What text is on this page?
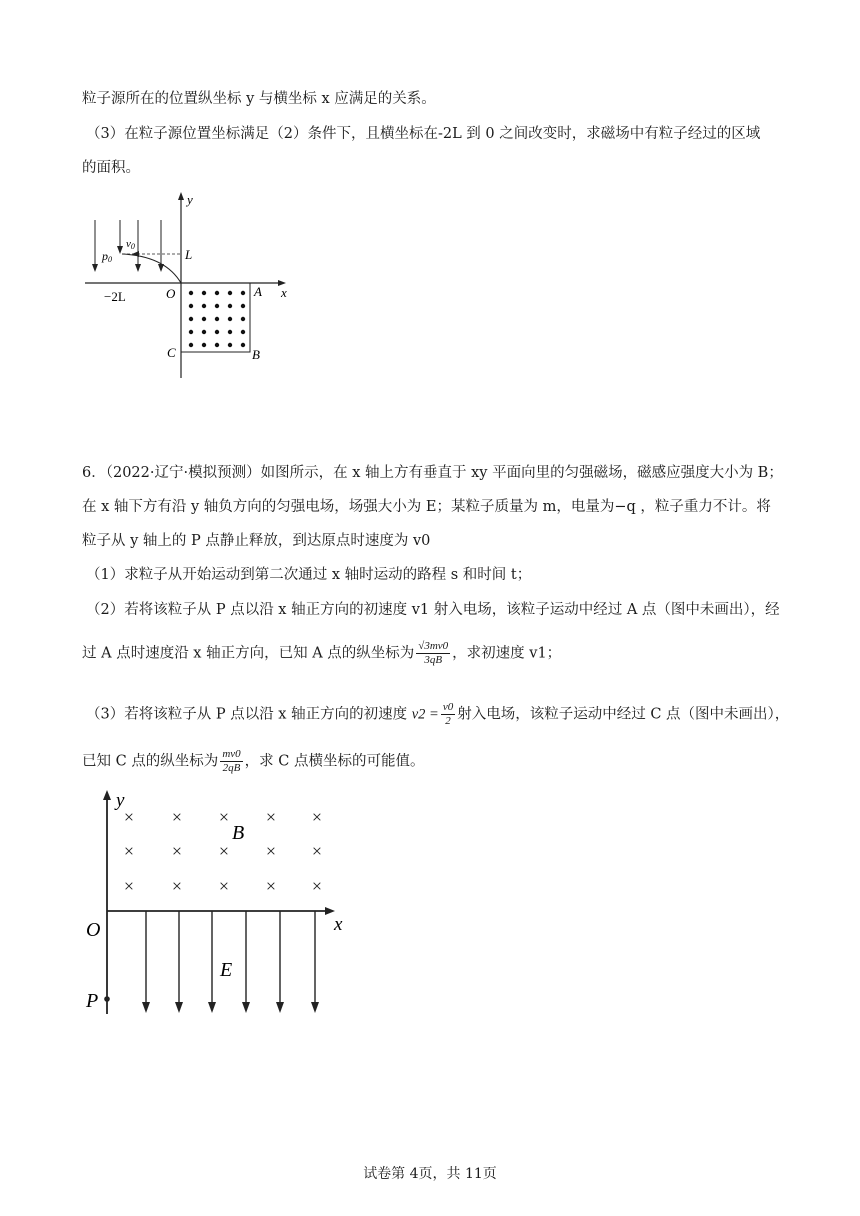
粒子源所在的位置纵坐标 y 与横坐标 x 应满足的关系。
（3）在粒子源位置坐标满足（2）条件下，且横坐标在-2L 到 0 之间改变时，求磁场中有粒子经过的区域
的面积。
y
x
L
v0
p0
−2L	O	A
B
C
6．（2022·辽宁·模拟预测）如图所示，在 x 轴上方有垂直于 xy 平面向里的匀强磁场，磁感应强度大小为 B；
在 x 轴下方有沿 y 轴负方向的匀强电场，场强大小为 E；某粒子质量为 m，电量为−q ，粒子重力不计。将
粒子从 y 轴上的 P 点静止释放，到达原点时速度为 v0
（1）求粒子从开始运动到第二次通过 x 轴时运动的路程 s 和时间 t；
（2）若将该粒子从 P 点以沿 x 轴正方向的初速度 v1 射入电场，该粒子运动中经过 A 点（图中未画出），经
过 A 点时速度沿 x 轴正方向，已知 A 点的纵坐标为 $\frac{√3mv0}{3qB}$ ，求初速度 v1；
（3）若将该粒子从 P 点以沿 x 轴正方向的初速度 $v2 = \frac{v0}{2}$ 射入电场，该粒子运动中经过 C 点（图中未画出），
已知 C 点的纵坐标为 $\frac{mv0}{2qB}$ ，求 C 点横坐标的可能值。
y
x
O
× × × × ×
× × × × ×
× × × × ×
B
E
P
试卷第 4页，共 11页
